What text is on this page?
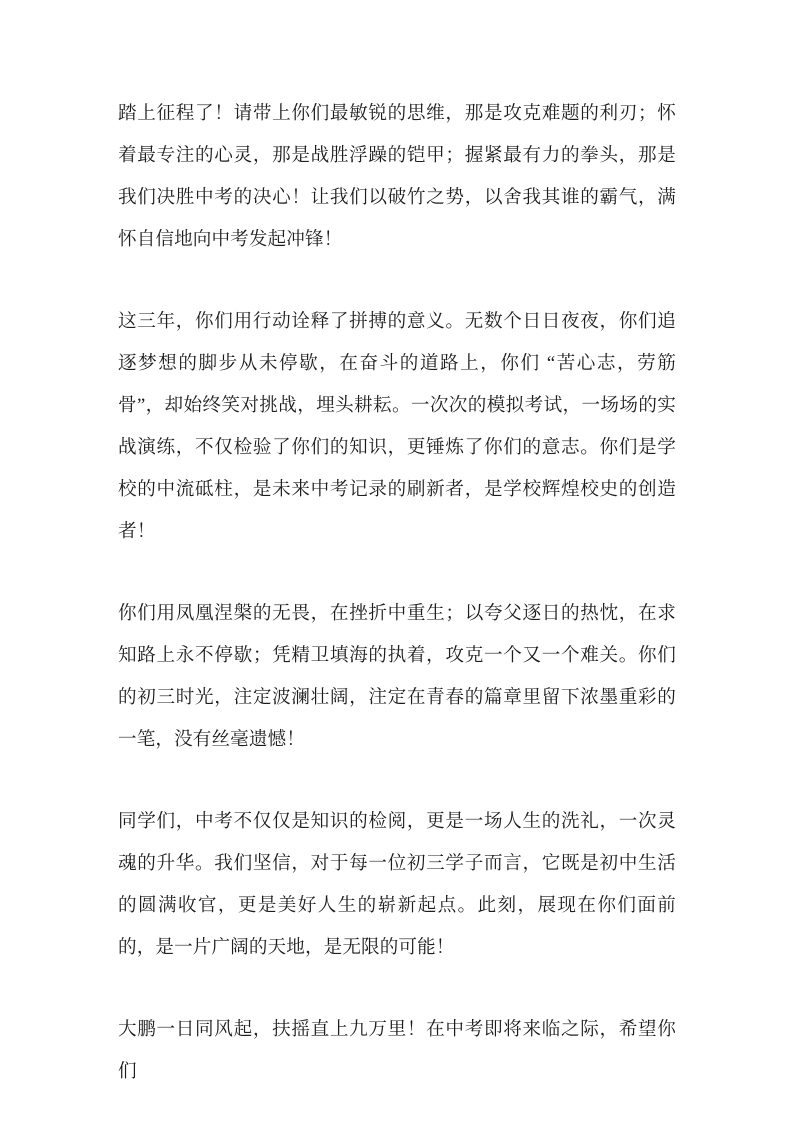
踏上征程了！请带上你们最敏锐的思维，那是攻克难题的利刃；怀着最专注的心灵，那是战胜浮躁的铠甲；握紧最有力的拳头，那是我们决胜中考的决心！让我们以破竹之势，以舍我其谁的霸气，满怀自信地向中考发起冲锋！

这三年，你们用行动诠释了拼搏的意义。无数个日日夜夜，你们追逐梦想的脚步从未停歇，在奋斗的道路上，你们 “苦心志，劳筋骨”，却始终笑对挑战，埋头耕耘。一次次的模拟考试，一场场的实战演练，不仅检验了你们的知识，更锤炼了你们的意志。你们是学校的中流砥柱，是未来中考记录的刷新者，是学校辉煌校史的创造者！

你们用凤凰涅槃的无畏，在挫折中重生；以夸父逐日的热忱，在求知路上永不停歇；凭精卫填海的执着，攻克一个又一个难关。你们的初三时光，注定波澜壮阔，注定在青春的篇章里留下浓墨重彩的一笔，没有丝毫遗憾！

同学们，中考不仅仅是知识的检阅，更是一场人生的洗礼，一次灵魂的升华。我们坚信，对于每一位初三学子而言，它既是初中生活的圆满收官，更是美好人生的崭新起点。此刻，展现在你们面前的，是一片广阔的天地，是无限的可能！

大鹏一日同风起，扶摇直上九万里！在中考即将来临之际，希望你们
